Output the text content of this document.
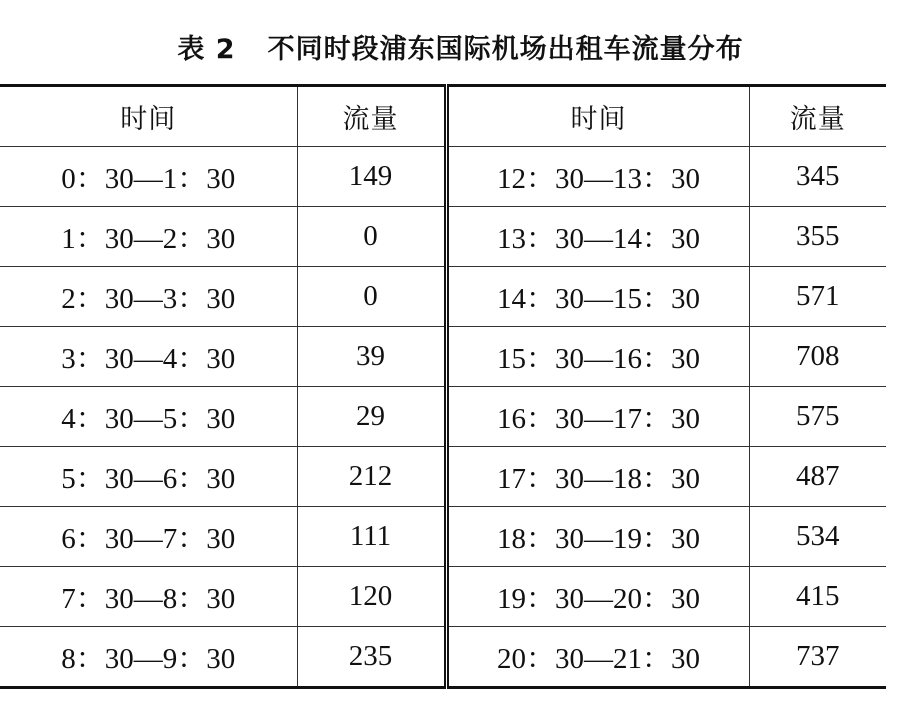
表 2 不同时段浦东国际机场出租车流量分布
时间	流量	时间	流量
0：30—1：30	149	12：30—13：30	345
1：30—2：30	0	13：30—14：30	355
2：30—3：30	0	14：30—15：30	571
3：30—4：30	39	15：30—16：30	708
4：30—5：30	29	16：30—17：30	575
5：30—6：30	212	17：30—18：30	487
6：30—7：30	111	18：30—19：30	534
7：30—8：30	120	19：30—20：30	415
8：30—9：30	235	20：30—21：30	737
